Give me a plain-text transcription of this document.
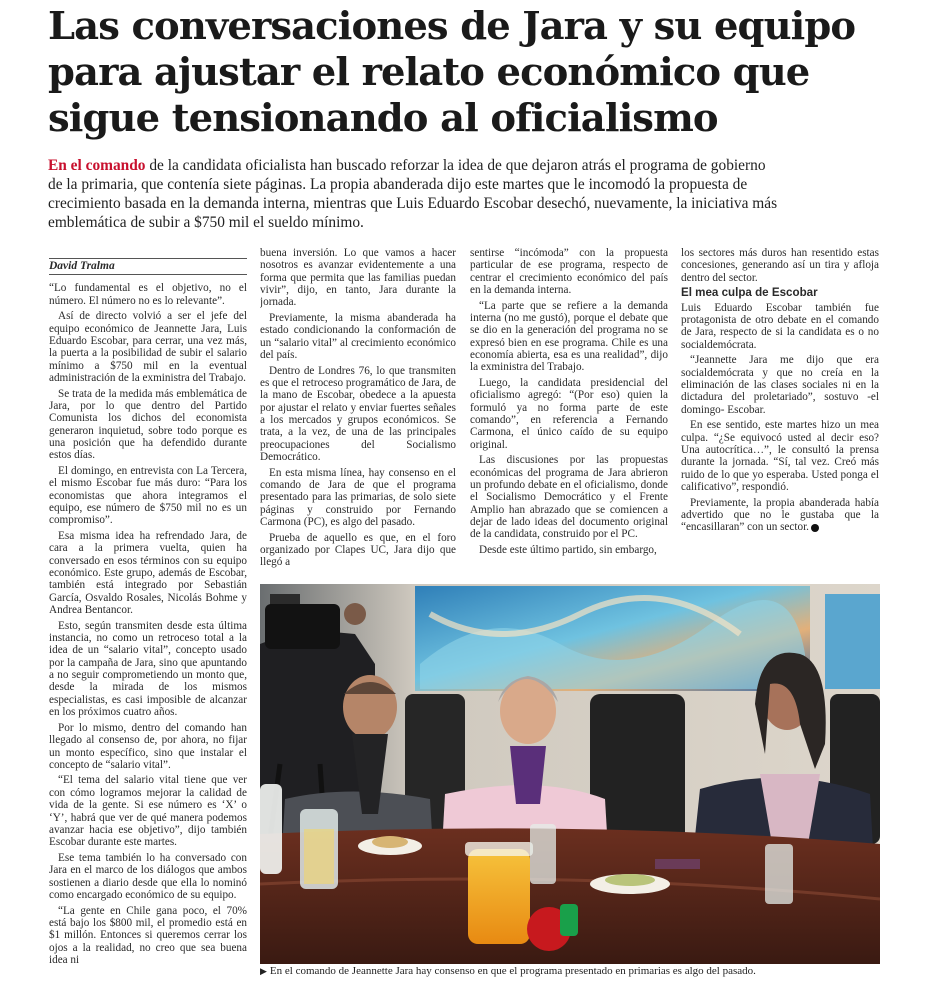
Las conversaciones de Jara y su equipo para ajustar el relato económico que sigue tensionando al oficialismo

En el comando de la candidata oficialista han buscado reforzar la idea de que dejaron atrás el programa de gobierno de la primaria, que contenía siete páginas. La propia abanderada dijo este martes que le incomodó la propuesta de crecimiento basada en la demanda interna, mientras que Luis Eduardo Escobar desechó, nuevamente, la iniciativa más emblemática de subir a $750 mil el sueldo mínimo.

David Tralma

“Lo fundamental es el objetivo, no el número. El número no es lo relevante”.

Así de directo volvió a ser el jefe del equipo económico de Jeannette Jara, Luis Eduardo Escobar, para cerrar, una vez más, la puerta a la posibilidad de subir el salario mínimo a $750 mil en la eventual administración de la exministra del Trabajo.

Se trata de la medida más emblemática de Jara, por lo que dentro del Partido Comunista los dichos del economista generaron inquietud, sobre todo porque es una posición que ha defendido durante estos días.

El domingo, en entrevista con La Tercera, el mismo Escobar fue más duro: “Para los economistas que ahora integramos el equipo, ese número de $750 mil no es un compromiso”.

Esa misma idea ha refrendado Jara, de cara a la primera vuelta, quien ha conversado en esos términos con su equipo económico. Este grupo, además de Escobar, también está integrado por Sebastián García, Osvaldo Rosales, Nicolás Bohme y Andrea Bentancor.

Esto, según transmiten desde esta última instancia, no como un retroceso total a la idea de un “salario vital”, concepto usado por la campaña de Jara, sino que apuntando a no seguir comprometiendo un monto que, desde la mirada de los mismos especialistas, es casi imposible de alcanzar en los próximos cuatro años.

Por lo mismo, dentro del comando han llegado al consenso de, por ahora, no fijar un monto específico, sino que instalar el concepto de “salario vital”.

“El tema del salario vital tiene que ver con cómo logramos mejorar la calidad de vida de la gente. Si ese número es ‘X’ o ‘Y’, habrá que ver de qué manera podemos avanzar hacia ese objetivo”, dijo también Escobar durante este martes.

Ese tema también lo ha conversado con Jara en el marco de los diálogos que ambos sostienen a diario desde que ella lo nominó como encargado económico de su equipo.

“La gente en Chile gana poco, el 70% está bajo los $800 mil, el promedio está en $1 millón. Entonces si queremos cerrar los ojos a la realidad, no creo que sea buena idea ni

buena inversión. Lo que vamos a hacer nosotros es avanzar evidentemente a una forma que permita que las familias puedan vivir”, dijo, en tanto, Jara durante la jornada.

Previamente, la misma abanderada ha estado condicionando la conformación de un “salario vital” al crecimiento económico del país.

Dentro de Londres 76, lo que transmiten es que el retroceso programático de Jara, de la mano de Escobar, obedece a la apuesta por ajustar el relato y enviar fuertes señales a los mercados y grupos económicos. Se trata, a la vez, de una de las principales preocupaciones del Socialismo Democrático.

En esta misma línea, hay consenso en el comando de Jara de que el programa presentado para las primarias, de solo siete páginas y construido por Fernando Carmona (PC), es algo del pasado.

Prueba de aquello es que, en el foro organizado por Clapes UC, Jara dijo que llegó a

sentirse “incómoda” con la propuesta particular de ese programa, respecto de centrar el crecimiento económico del país en la demanda interna.

“La parte que se refiere a la demanda interna (no me gustó), porque el debate que se dio en la generación del programa no se expresó bien en ese programa. Chile es una economía abierta, esa es una realidad”, dijo la exministra del Trabajo.

Luego, la candidata presidencial del oficialismo agregó: “(Por eso) quien la formuló ya no forma parte de este comando”, en referencia a Fernando Carmona, el único caído de su equipo original.

Las discusiones por las propuestas económicas del programa de Jara abrieron un profundo debate en el oficialismo, donde el Socialismo Democrático y el Frente Amplio han abrazado que se comiencen a dejar de lado ideas del documento original de la candidata, construido por el PC.

Desde este último partido, sin embargo,

los sectores más duros han resentido estas concesiones, generando así un tira y afloja dentro del sector.

El mea culpa de Escobar

Luis Eduardo Escobar también fue protagonista de otro debate en el comando de Jara, respecto de si la candidata es o no socialdemócrata.

“Jeannette Jara me dijo que era socialdemócrata y que no creía en la eliminación de las clases sociales ni en la dictadura del proletariado”, sostuvo -el domingo- Escobar.

En ese sentido, este martes hizo un mea culpa. “¿Se equivocó usted al decir eso? Una autocrítica…”, le consultó la prensa durante la jornada. “Sí, tal vez. Creó más ruido de lo que yo esperaba. Usted ponga el calificativo”, respondió.

Previamente, la propia abanderada había advertido que no le gustaba que la “encasillaran” con un sector.

▶ En el comando de Jeannette Jara hay consenso en que el programa presentado en primarias es algo del pasado.
